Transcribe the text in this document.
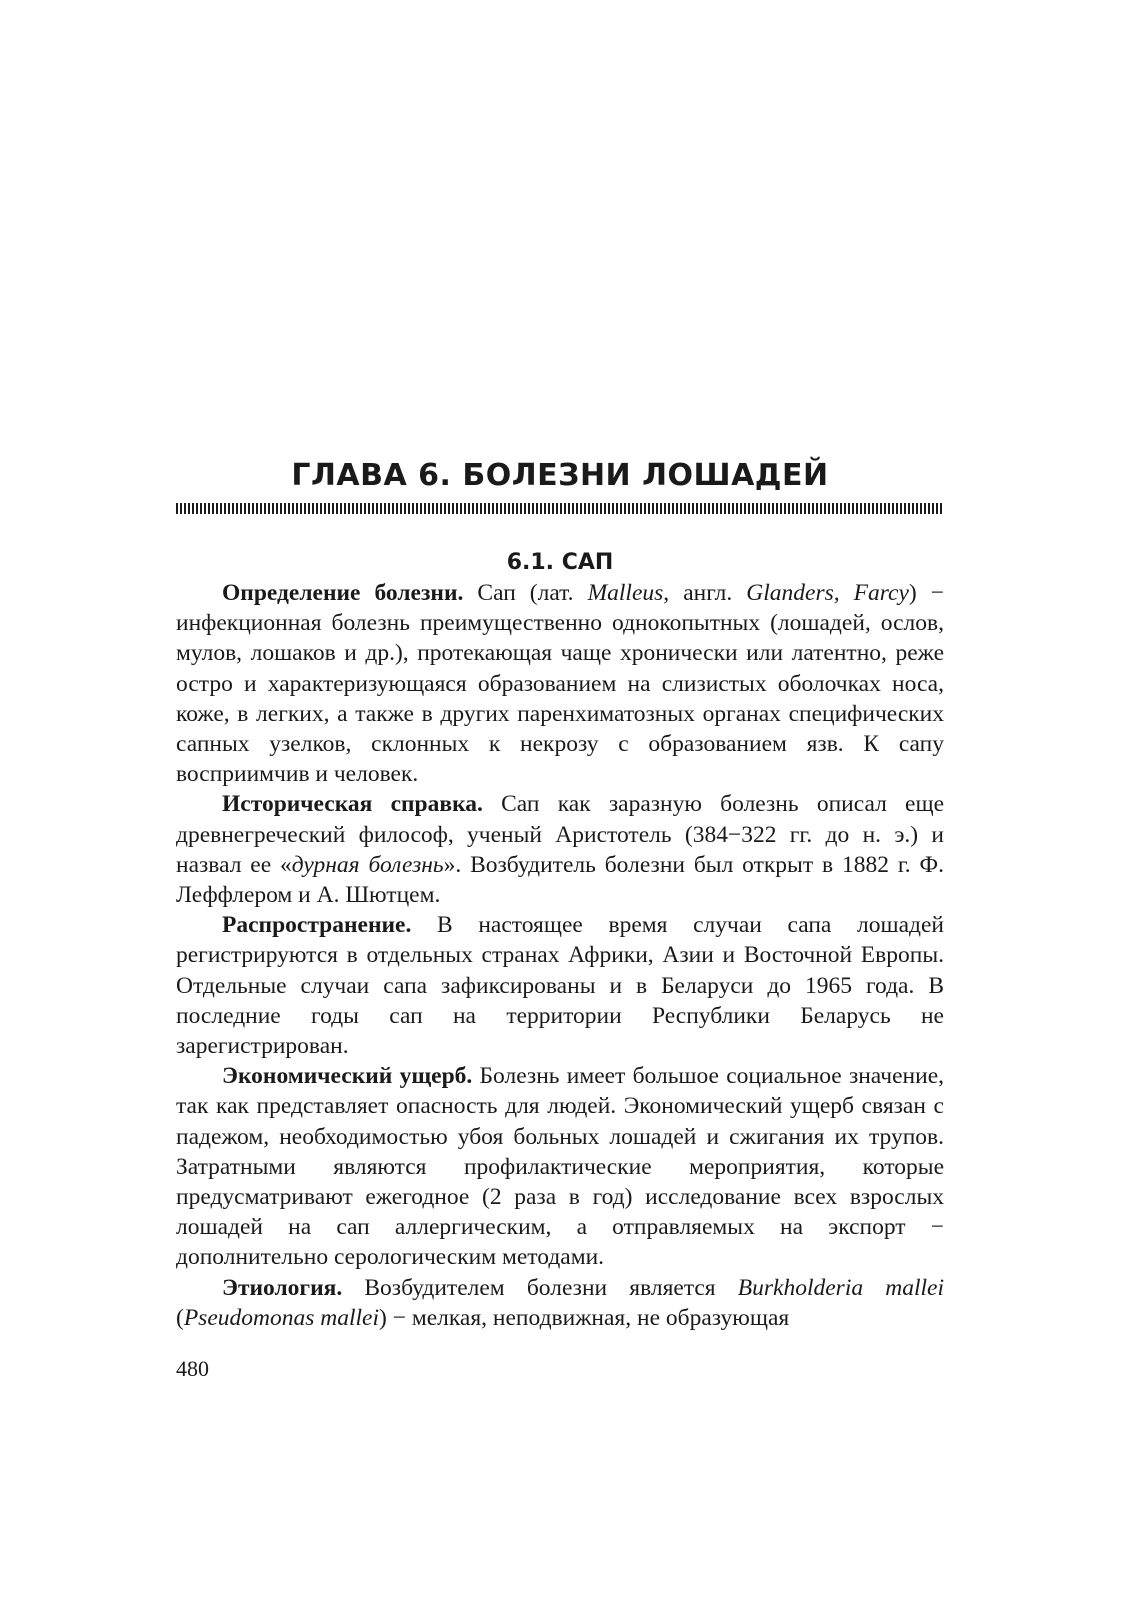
ГЛАВА 6. БОЛЕЗНИ ЛОШАДЕЙ
6.1. САП

Определение болезни. Сап (лат. Malleus, англ. Glanders, Farcy) − инфекционная болезнь преимущественно однокопытных (лошадей, ослов, мулов, лошаков и др.), протекающая чаще хронически или латентно, реже остро и характеризующаяся образованием на слизистых оболочках носа, коже, в легких, а также в других паренхиматозных органах специфических сапных узелков, склонных к некрозу с образованием язв. К сапу восприимчив и человек.

Историческая справка. Сап как заразную болезнь описал еще древнегреческий философ, ученый Аристотель (384−322 гг. до н. э.) и назвал ее «дурная болезнь». Возбудитель болезни был открыт в 1882 г. Ф. Леффлером и А. Шютцем.

Распространение. В настоящее время случаи сапа лошадей регистрируются в отдельных странах Африки, Азии и Восточной Европы. Отдельные случаи сапа зафиксированы и в Беларуси до 1965 года. В последние годы сап на территории Республики Беларусь не зарегистрирован.

Экономический ущерб. Болезнь имеет большое социальное значение, так как представляет опасность для людей. Экономический ущерб связан с падежом, необходимостью убоя больных лошадей и сжигания их трупов. Затратными являются профилактические мероприятия, которые предусматривают ежегодное (2 раза в год) исследование всех взрослых лошадей на сап аллергическим, а отправляемых на экспорт − дополнительно серологическим методами.

Этиология. Возбудителем болезни является Burkholderia mallei (Pseudomonas mallei) − мелкая, неподвижная, не образующая

480
